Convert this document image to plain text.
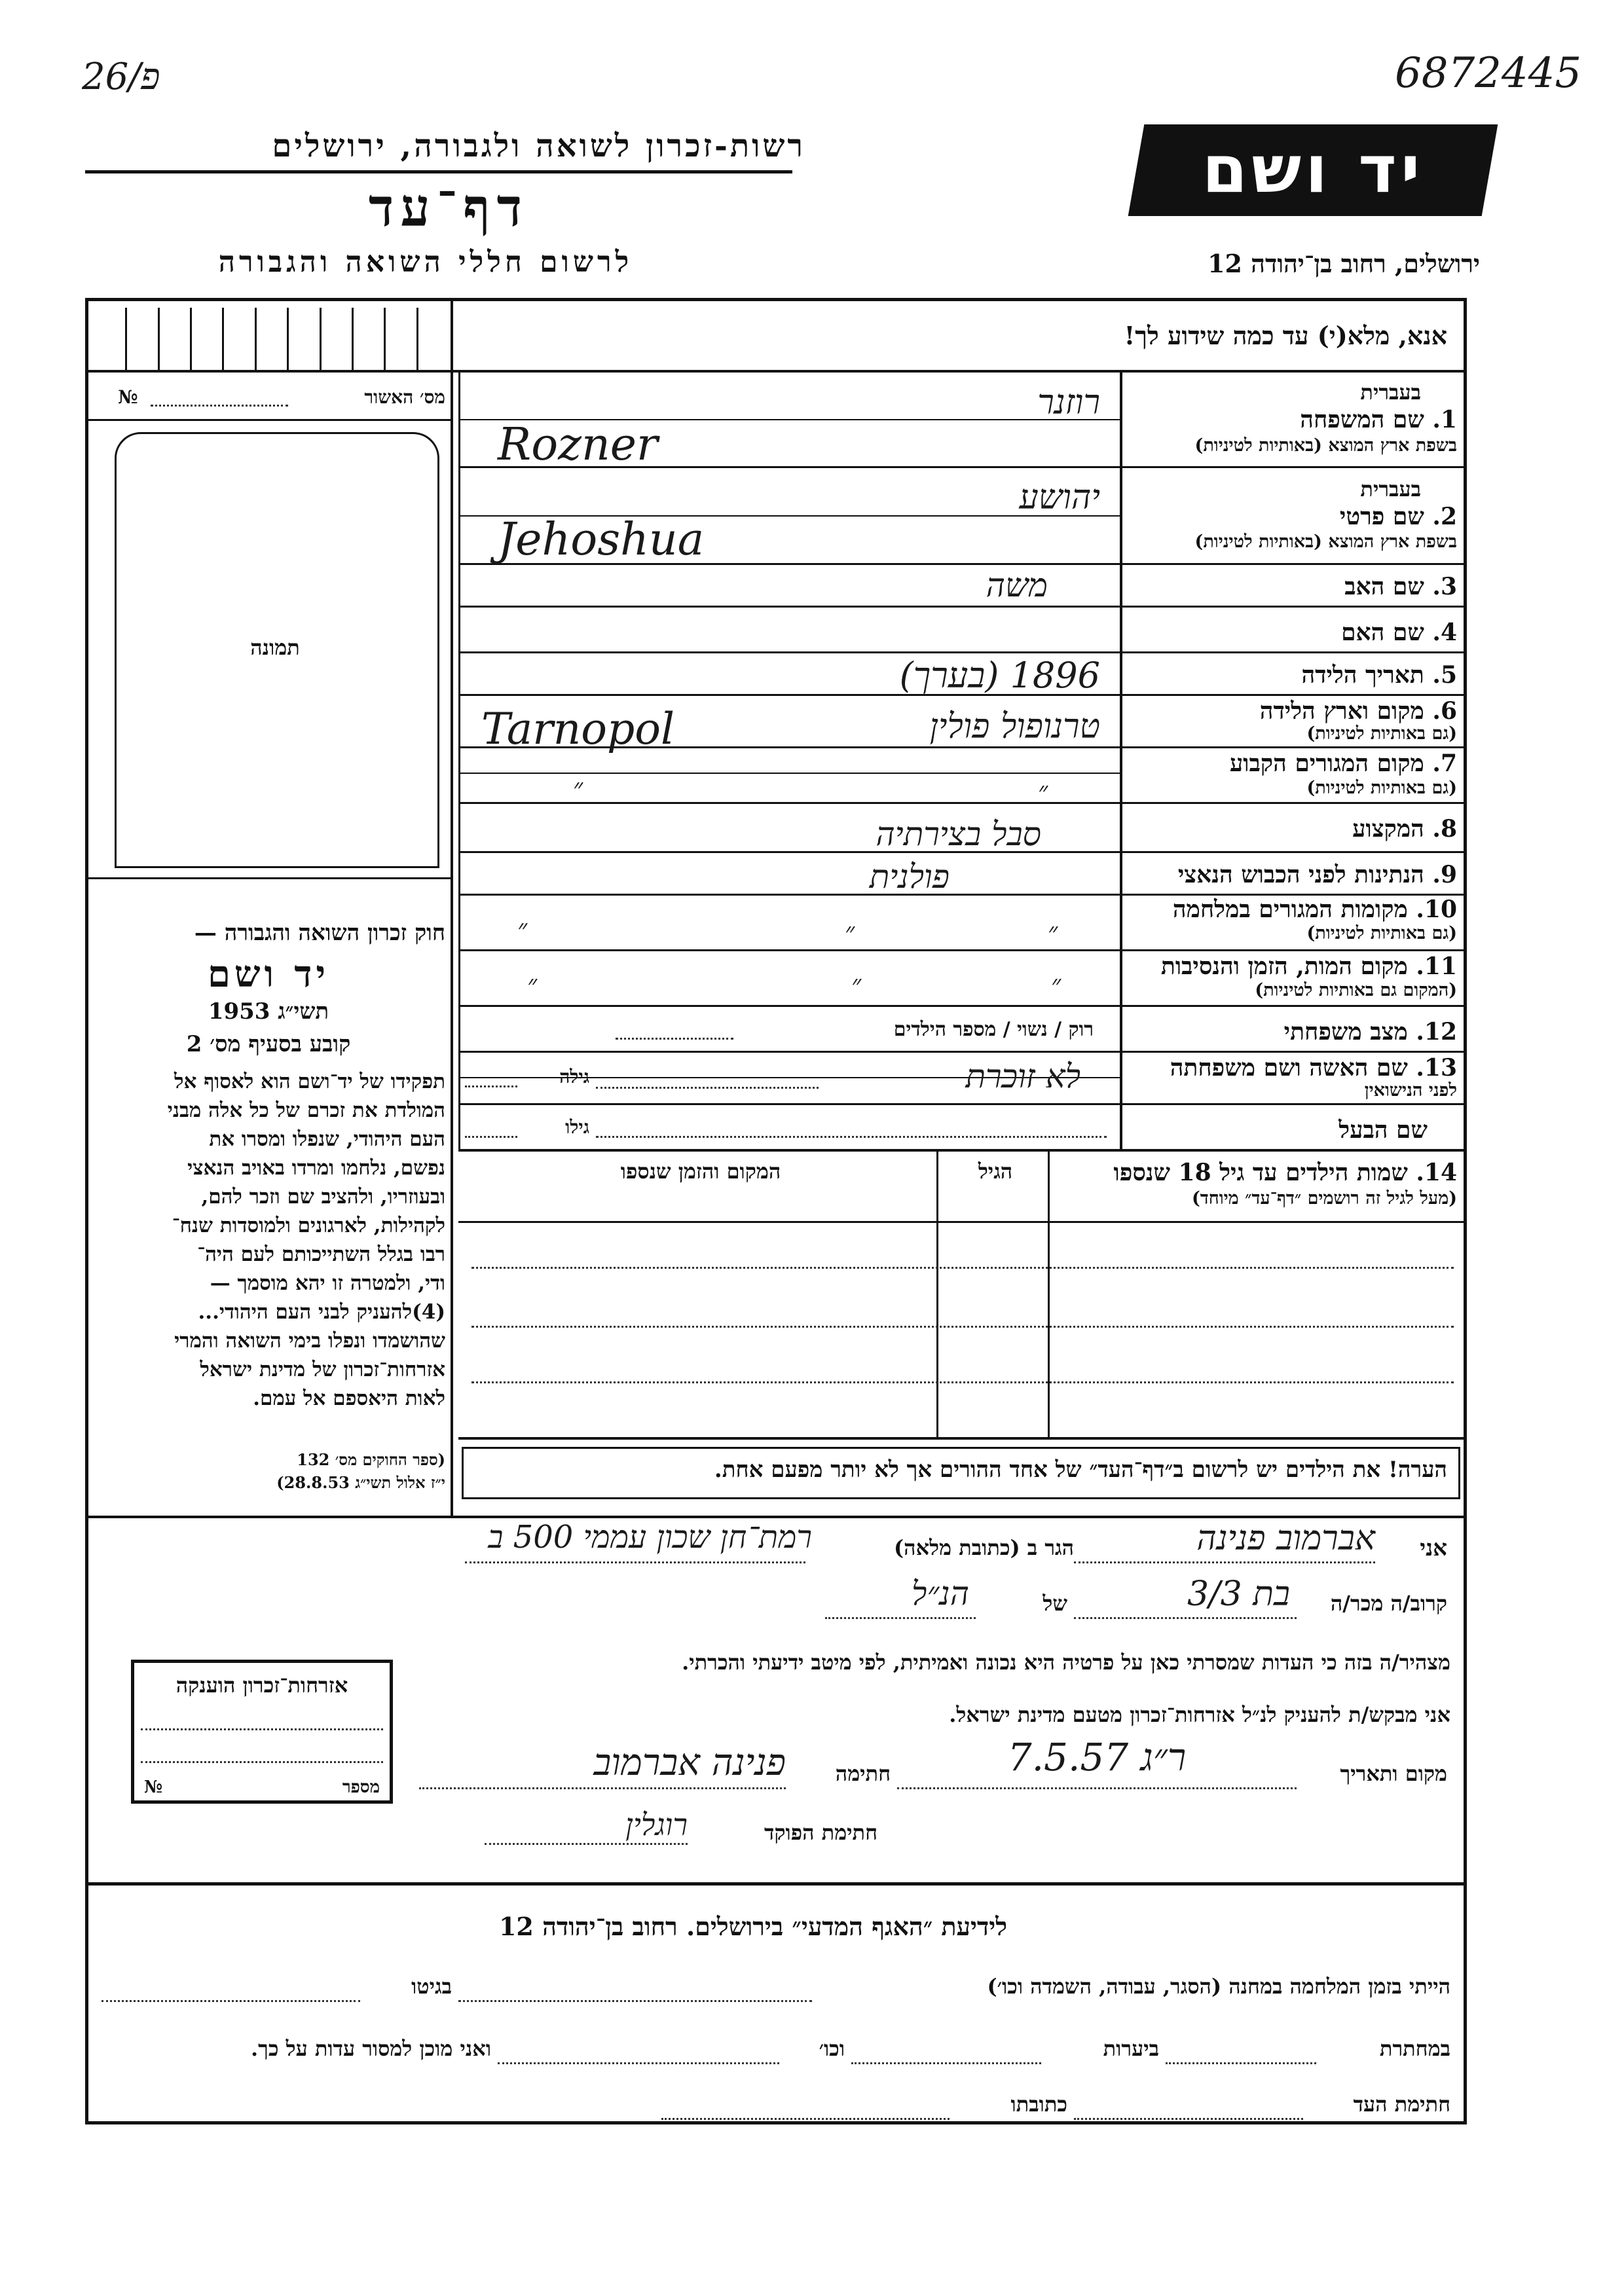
26/פ	6872445
רשות-זכרון לשואה ולגבורה, ירושלים
דף־עד
לרשום חללי השואה והגבורה
יד ושם
ירושלים, רחוב בן־יהודה 12
אנא, מלא(י) עד כמה שידוע לך!
מס׳ האשור
№
תמונה
בעברית
1. שם המשפחה
בשפת ארץ המוצא (באותיות לטיניות)
בעברית
2. שם פרטי
בשפת ארץ המוצא (באותיות לטיניות)
3. שם האב
4. שם האם
5. תאריך הלידה
6. מקום וארץ הלידה
(גם באותיות לטיניות)
7. מקום המגורים הקבוע
(גם באותיות לטיניות)
8. המקצוע
9. הנתינות לפני הכבוש הנאצי
10. מקומות המגורים במלחמה
(גם באותיות לטיניות)
11. מקום המות, הזמן והנסיבות
(המקום גם באותיות לטיניות)
12. מצב משפחתי
13. שם האשה ושם משפחתה
לפני הנישואין
שם הבעל
רוזנר
Rozner
יהושע
Jehoshua
משה
1896 (בערך)
טרנופול פולין
Tarnopol
״
״
סבל בצירתיה
פולנית
״
״
״
״
״
״
רוק / נשוי / מספר הילדים
לא זוכרת
גילה
גילו
14. שמות הילדים עד גיל 18 שנספו
(מעל לגיל זה רושמים ״דף־עד״ מיוחד)
הגיל
המקום והזמן שנספו
חוק זכרון השואה והגבורה —
יד ושם
תשי״ג 1953
קובע בסעיף מס׳ 2
תפקידו של יד־ושם הוא לאסוף אל
המולדת את זכרם של כל אלה מבני
העם היהודי, שנפלו ומסרו את
נפשם, נלחמו ומרדו באויב הנאצי
ובעוזריו, ולהציב שם וזכר להם,
לקהילות, לארגונים ולמוסדות שנח־
רבו בגלל השתייכותם לעם היה־
ודי, ולמטרה זו יהא מוסמך —
(4)להעניק לבני העם היהודי...
שהושמדו ונפלו בימי השואה והמרי
אזרחות־זכרון של מדינת ישראל
לאות היאספם אל עמם.
(ספר החוקים מס׳ 132
י״ז אלול תשי״ג 28.8.53)	הערה! את הילדים יש לרשום ב״דף־העד״ של אחד ההורים אך לא יותר מפעם אחת.
אני
אברמוב פנינה
הגר ב (כתובת מלאה)
רמת־חן שכון עממי 500 ב
קרוב/ה מכר/ה
בת 3/3
של
הנ״ל
מצהיר/ה בזה כי העדות שמסרתי כאן על פרטיה היא נכונה ואמיתית, לפי מיטב ידיעתי והכרתי.
אני מבקש/ת להעניק לנ״ל אזרחות־זכרון מטעם מדינת ישראל.
מקום ותאריך
ר״ג 7.5.57
חתימה
פנינה אברמוב
חתימת הפוקד
רוגלין
אזרחות־זכרון הוענקה
מספר
№
לידיעת ״האגף המדעי״ בירושלים. רחוב בן־יהודה 12
הייתי בזמן המלחמה במחנה (הסגר, עבודה, השמדה וכו׳)
בגיטו
במחתרת
ביערות
וכו׳
ואני מוכן למסור עדות על כך.
חתימת העד
כתובתו
